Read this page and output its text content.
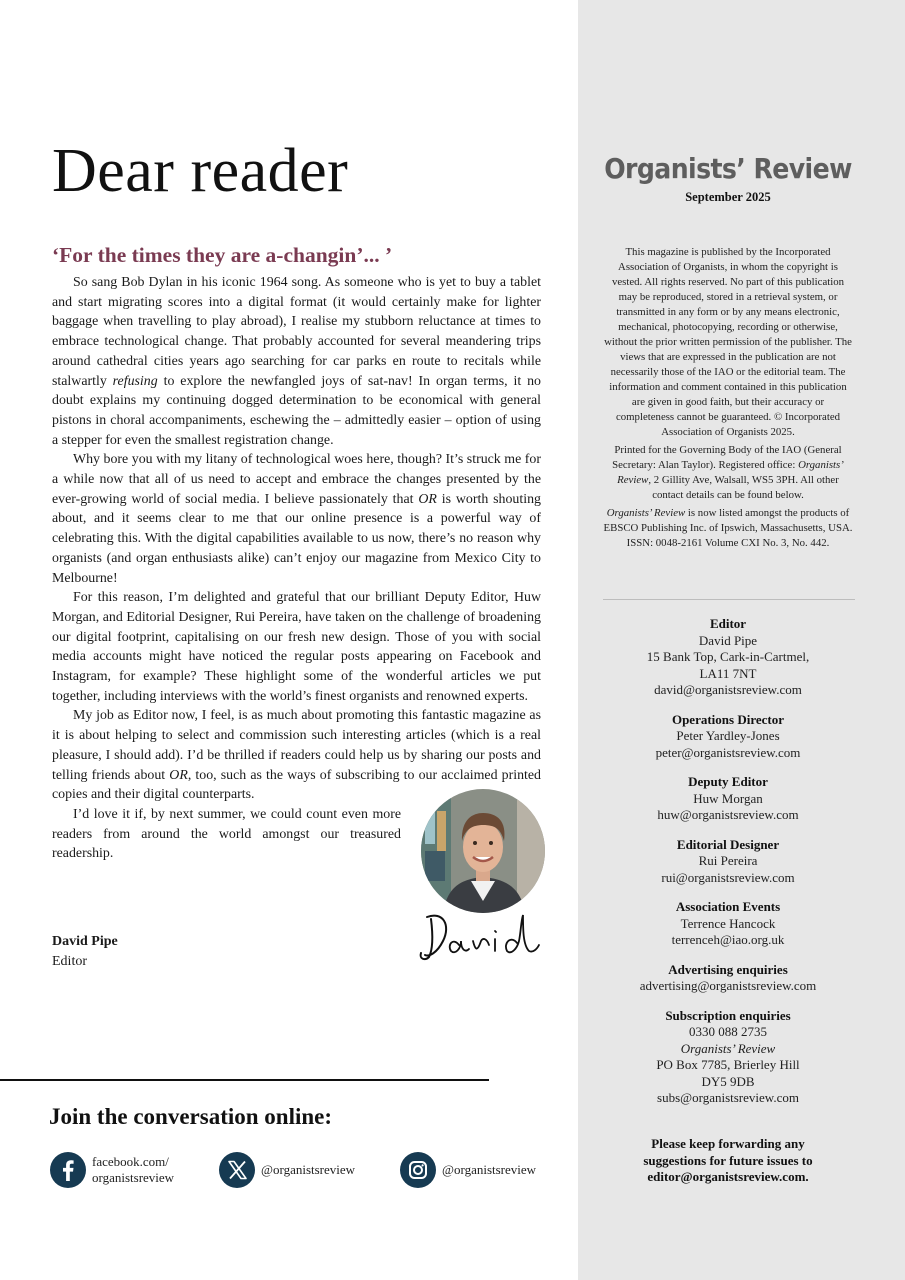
Dear reader
‘For the times they are a-changin’... ’

So sang Bob Dylan in his iconic 1964 song. As someone who is yet to buy a tablet and start migrating scores into a digital format (it would certainly make for lighter baggage when travelling to play abroad), I realise my stubborn reluctance at times to embrace technological change. That probably accounted for several meandering trips around cathedral cities years ago searching for car parks en route to recitals while stalwartly refusing to explore the newfangled joys of sat-nav! In organ terms, it no doubt explains my continuing dogged determination to be economical with general pistons in choral accompaniments, eschewing the – admittedly easier – option of using a stepper for even the smallest registration change.

Why bore you with my litany of technological woes here, though? It’s struck me for a while now that all of us need to accept and embrace the changes presented by the ever-growing world of social media. I believe passionately that OR is worth shouting about, and it seems clear to me that our online presence is a powerful way of celebrating this. With the digital capabilities available to us now, there’s no reason why organists (and organ enthusiasts alike) can’t enjoy our magazine from Mexico City to Melbourne!

For this reason, I’m delighted and grateful that our brilliant Deputy Editor, Huw Morgan, and Editorial Designer, Rui Pereira, have taken on the challenge of broadening our digital footprint, capitalising on our fresh new design. Those of you with social media accounts might have noticed the regular posts appearing on Facebook and Instagram, for example? These highlight some of the wonderful articles we put together, including interviews with the world’s finest organists and renowned experts.

My job as Editor now, I feel, is as much about promoting this fantastic magazine as it is about helping to select and commission such interesting articles (which is a real pleasure, I should add). I’d be thrilled if readers could help us by sharing our posts and telling friends about OR, too, such as the ways of subscribing to our acclaimed printed copies and their digital counterparts.

I’d love it if, by next summer, we could count even more readers from around the world amongst our treasured readership.

David Pipe
Editor
Join the conversation online:
facebook.com/
organistsreview
@organistsreview	@organistsreview
Organists’ Review
September 2025

This magazine is published by the Incorporated Association of Organists, in whom the copyright is vested. All rights reserved. No part of this publication may be reproduced, stored in a retrieval system, or transmitted in any form or by any means electronic, mechanical, photocopying, recording or otherwise, without the prior written permission of the publisher. The views that are expressed in the publication are not necessarily those of the IAO or the editorial team. The information and comment contained in this publication are given in good faith, but their accuracy or completeness cannot be guaranteed. © Incorporated Association of Organists 2025.

Printed for the Governing Body of the IAO (General Secretary: Alan Taylor). Registered office: Organists’ Review, 2 Gillity Ave, Walsall, WS5 3PH. All other contact details can be found below.

Organists’ Review is now listed amongst the products of EBSCO Publishing Inc. of Ipswich, Massachusetts, USA. ISSN: 0048-2161 Volume CXI No. 3, No. 442.

Editor
David Pipe
15 Bank Top, Cark-in-Cartmel,
LA11 7NT
david@organistsreview.com
Operations Director
Peter Yardley-Jones
peter@organistsreview.com
Deputy Editor
Huw Morgan
huw@organistsreview.com
Editorial Designer
Rui Pereira
rui@organistsreview.com
Association Events
Terrence Hancock
terrenceh@iao.org.uk
Advertising enquiries
advertising@organistsreview.com
Subscription enquiries
0330 088 2735
Organists’ Review
PO Box 7785, Brierley Hill
DY5 9DB
subs@organistsreview.com
Please keep forwarding any
suggestions for future issues to
editor@organistsreview.com.
